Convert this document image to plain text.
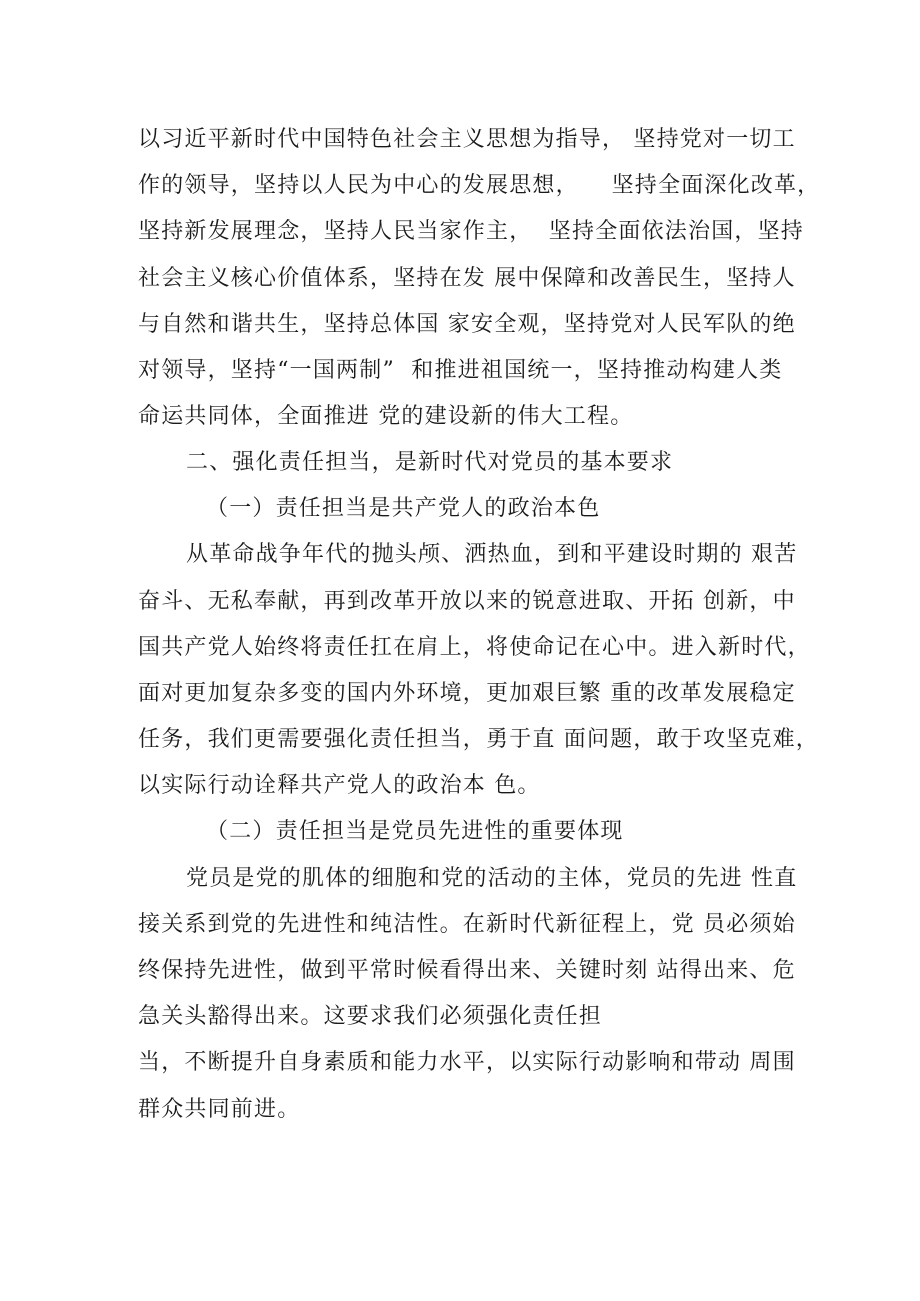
以习近平新时代中国特色社会主义思想为指导， 坚持党对一切工
作的领导，坚持以人民为中心的发展思想，    坚持全面深化改革，
坚持新发展理念，坚持人民当家作主，  坚持全面依法治国，坚持
社会主义核心价值体系，坚持在发 展中保障和改善民生，坚持人
与自然和谐共生，坚持总体国 家安全观，坚持党对人民军队的绝
对领导，坚持“一国两制”  和推进祖国统一，坚持推动构建人类
命运共同体，全面推进 党的建设新的伟大工程。
二、强化责任担当，是新时代对党员的基本要求
（一）责任担当是共产党人的政治本色
从革命战争年代的抛头颅、洒热血，到和平建设时期的 艰苦
奋斗、无私奉献，再到改革开放以来的锐意进取、开拓 创新，中
国共产党人始终将责任扛在肩上，将使命记在心中。进入新时代，
面对更加复杂多变的国内外环境，更加艰巨繁 重的改革发展稳定
任务，我们更需要强化责任担当，勇于直 面问题，敢于攻坚克难，
以实际行动诠释共产党人的政治本 色。
（二）责任担当是党员先进性的重要体现
党员是党的肌体的细胞和党的活动的主体，党员的先进 性直
接关系到党的先进性和纯洁性。在新时代新征程上，党 员必须始
终保持先进性，做到平常时候看得出来、关键时刻 站得出来、危
急关头豁得出来。这要求我们必须强化责任担
当，不断提升自身素质和能力水平，以实际行动影响和带动 周围
群众共同前进。
